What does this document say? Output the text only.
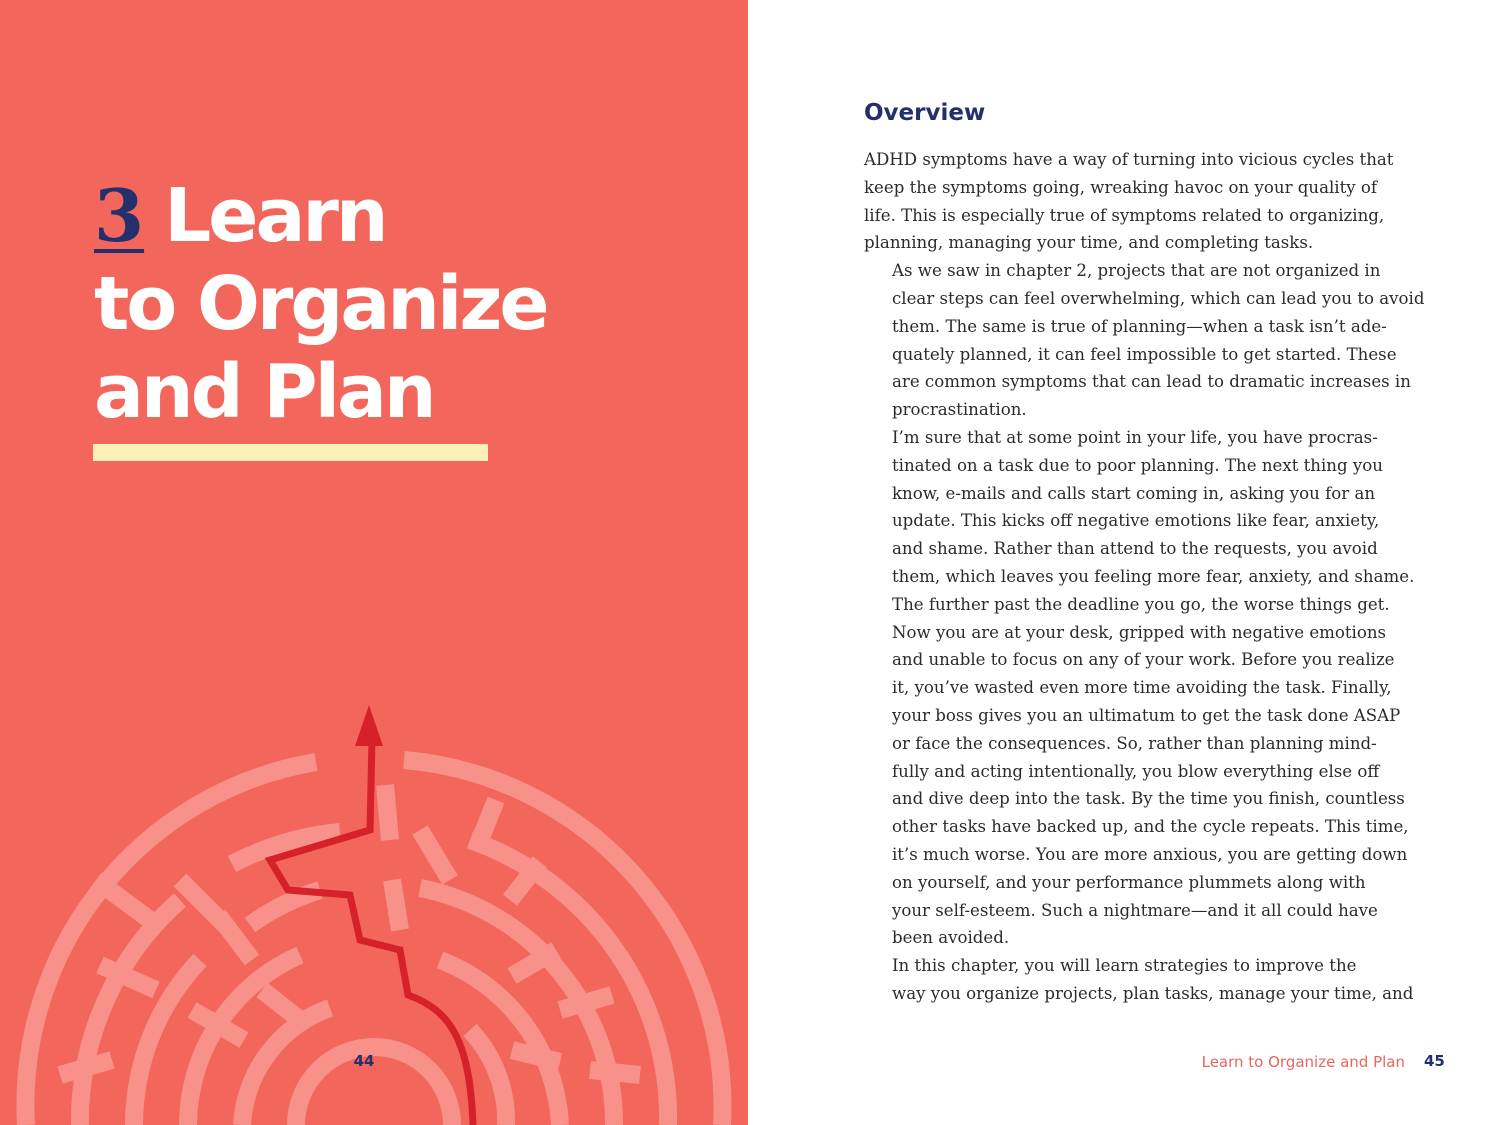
3 Learn
to Organize
and Plan
44
Overview

ADHD symptoms have a way of turning into vicious cycles that
keep the symptoms going, wreaking havoc on your quality of
life. This is especially true of symptoms related to organizing,
planning, managing your time, and completing tasks.

As we saw in chapter 2, projects that are not organized in
clear steps can feel overwhelming, which can lead you to avoid
them. The same is true of planning—when a task isn’t ade-
quately planned, it can feel impossible to get started. These
are common symptoms that can lead to dramatic increases in
procrastination.

I’m sure that at some point in your life, you have procras-
tinated on a task due to poor planning. The next thing you
know, e-mails and calls start coming in, asking you for an
update. This kicks off negative emotions like fear, anxiety,
and shame. Rather than attend to the requests, you avoid
them, which leaves you feeling more fear, anxiety, and shame.
The further past the deadline you go, the worse things get.
Now you are at your desk, gripped with negative emotions
and unable to focus on any of your work. Before you realize
it, you’ve wasted even more time avoiding the task. Finally,
your boss gives you an ultimatum to get the task done ASAP
or face the consequences. So, rather than planning mind-
fully and acting intentionally, you blow everything else off
and dive deep into the task. By the time you finish, countless
other tasks have backed up, and the cycle repeats. This time,
it’s much worse. You are more anxious, you are getting down
on yourself, and your performance plummets along with
your self-esteem. Such a nightmare—and it all could have
been avoided.

In this chapter, you will learn strategies to improve the
way you organize projects, plan tasks, manage your time, and

Learn to Organize and Plan 45
